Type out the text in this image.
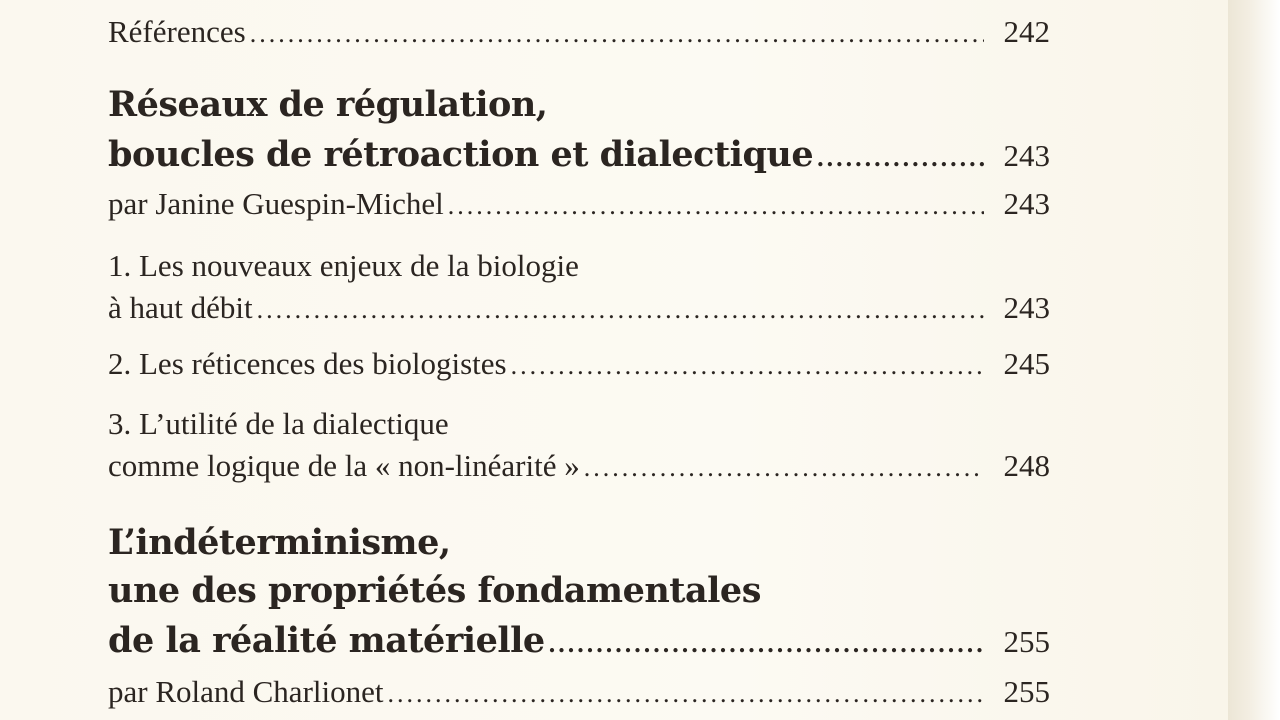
Références .....	242
Réseaux de régulation,
boucles de rétroaction et dialectique .....	243
par Janine Guespin-Michel .....	243
1. Les nouveaux enjeux de la biologie
à haut débit .....	243
2. Les réticences des biologistes .....	245
3. L’utilité de la dialectique
comme logique de la « non-linéarité » .....	248
L’indéterminisme,
une des propriétés fondamentales
de la réalité matérielle .....	255
par Roland Charlionet .....	255
